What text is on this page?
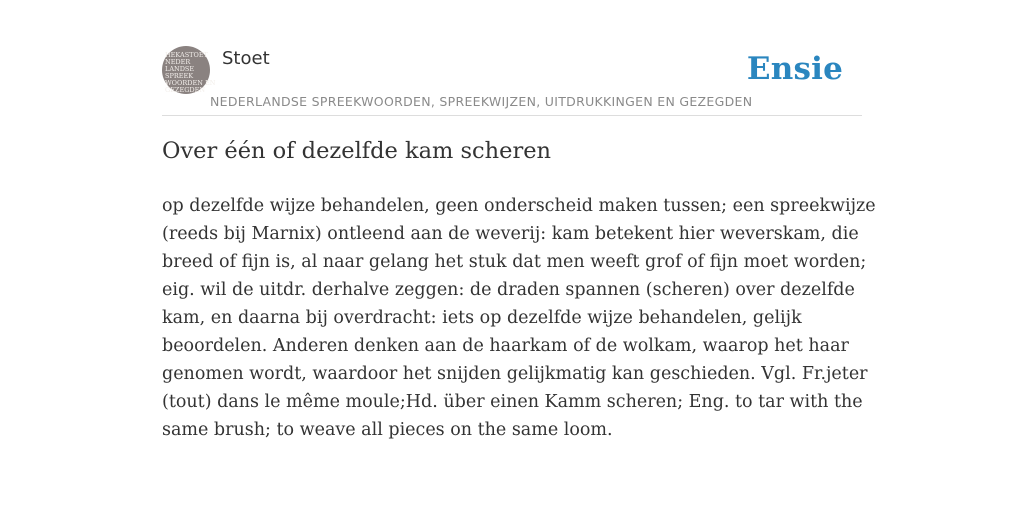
HEKASTOET
NEDER
LANDSE
SPREEK
WOORDEN EN
GEZEGDEN
Stoet
NEDERLANDSE SPREEKWOORDEN, SPREEKWIJZEN, UITDRUKKINGEN EN GEZEGDEN
Ensie
Over één of dezelfde kam scheren
op dezelfde wijze behandelen, geen onderscheid maken tussen; een spreekwijze
(reeds bij Marnix) ontleend aan de weverij: kam betekent hier weverskam, die
breed of fijn is, al naar gelang het stuk dat men weeft grof of fijn moet worden;
eig. wil de uitdr. derhalve zeggen: de draden spannen (scheren) over dezelfde
kam, en daarna bij overdracht: iets op dezelfde wijze behandelen, gelijk
beoordelen. Anderen denken aan de haarkam of de wolkam, waarop het haar
genomen wordt, waardoor het snijden gelijkmatig kan geschieden. Vgl. Fr.jeter
(tout) dans le même moule;Hd. über einen Kamm scheren; Eng. to tar with the
same brush; to weave all pieces on the same loom.
